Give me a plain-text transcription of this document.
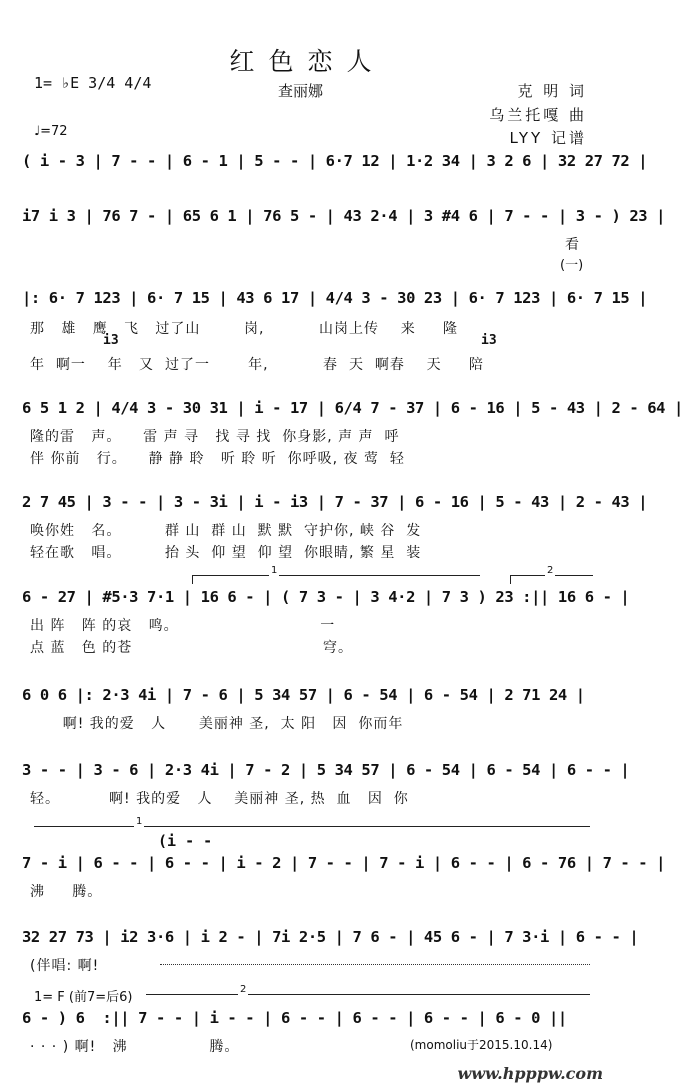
红色恋人
查丽娜
1= ♭E 3/4 4/4
♩=72
克 明 词
乌兰托嘎 曲
LYY 记谱
( i - 3 | 7 - - | 6 - 1 | 5 - - | 6·7 12 | 1·2 34 | 3 2 6 | 32 27 72 |
i7 i 3 | 76 7 - | 65 6 1 | 76 5 - | 43 2·4 | 3 #4 6 | 7 - - | 3 - ) 23 |
看
(一)
|: 6· 7 123 | 6· 7 15 | 43 6 17 | 4/4 3 - 30 23 | 6· 7 123 | 6· 7 15 |
那   雄   鹰   飞   过了山        岗,          山岗上传    来     隆
i3	i3
年  啊一    年   又  过了一       年,          春  天  啊春    天     陪
6 5 1 2 | 4/4 3 - 30 31 | i - 17 | 6/4 7 - 37 | 6 - 16 | 5 - 43 | 2 - 64 |
隆的雷   声。    雷 声 寻   找 寻 找  你身影, 声 声  呼
伴 你前   行。    静 静 聆   听 聆 听  你呼吸, 夜 莺  轻
2 7 45 | 3 - - | 3 - 3i | i - i3 | 7 - 37 | 6 - 16 | 5 - 43 | 2 - 43 |
唤你姓   名。        群 山  群 山  默 默  守护你, 峡 谷  发
轻在歌   唱。        抬 头  仰 望  仰 望  你眼睛, 繁 星  装
1	2
6 - 27 | #5·3 7·1 | 16 6 - | ( 7 3 - | 3 4·2 | 7 3 ) 23 :|| 16 6 - |
出 阵   阵 的哀   鸣。                          一
点 蓝   色 的苍                                   穹。
6 0 6 |: 2·3 4i | 7 - 6 | 5 34 57 | 6 - 54 | 6 - 54 | 2 71 24 |
啊! 我的爱   人      美丽神 圣,  太 阳   因  你而年
3 - - | 3 - 6 | 2·3 4i | 7 - 2 | 5 34 57 | 6 - 54 | 6 - 54 | 6 - - |
轻。         啊! 我的爱   人    美丽神 圣, 热  血   因  你
1
(i - -
7 - i | 6 - - | 6 - - | i - 2 | 7 - - | 7 - i | 6 - - | 6 - 76 | 7 - - |
沸     腾。
32 27 73 | i2 3·6 | i 2 - | 7i 2·5 | 7 6 - | 45 6 - | 7 3·i | 6 - - |
(伴唱: 啊!
1= F (前7=后6)
2
6 - ) 6  :|| 7 - - | i - - | 6 - - | 6 - - | 6 - - | 6 - 0 ||
· · · ) 啊!   沸               腾。	(momoliu于2015.10.14)
www.hpppw.com
